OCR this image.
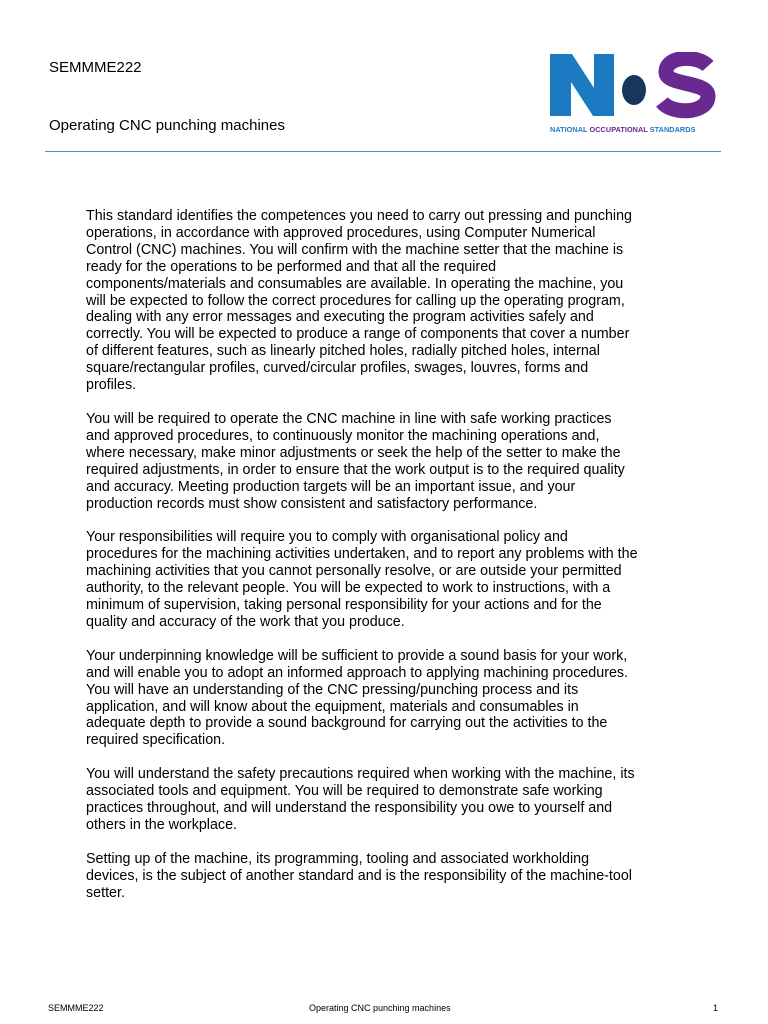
SEMMME222
Operating CNC punching machines	NATIONAL OCCUPATIONAL STANDARDS

This standard identifies the competences you need to carry out pressing and punching
operations, in accordance with approved procedures, using Computer Numerical
Control (CNC) machines. You will confirm with the machine setter that the machine is
ready for the operations to be performed and that all the required
components/materials and consumables are available. In operating the machine, you
will be expected to follow the correct procedures for calling up the operating program,
dealing with any error messages and executing the program activities safely and
correctly. You will be expected to produce a range of components that cover a number
of different features, such as linearly pitched holes, radially pitched holes, internal
square/rectangular profiles, curved/circular profiles, swages, louvres, forms and
profiles.

You will be required to operate the CNC machine in line with safe working practices
and approved procedures, to continuously monitor the machining operations and,
where necessary, make minor adjustments or seek the help of the setter to make the
required adjustments, in order to ensure that the work output is to the required quality
and accuracy. Meeting production targets will be an important issue, and your
production records must show consistent and satisfactory performance.

Your responsibilities will require you to comply with organisational policy and
procedures for the machining activities undertaken, and to report any problems with the
machining activities that you cannot personally resolve, or are outside your permitted
authority, to the relevant people. You will be expected to work to instructions, with a
minimum of supervision, taking personal responsibility for your actions and for the
quality and accuracy of the work that you produce.

Your underpinning knowledge will be sufficient to provide a sound basis for your work,
and will enable you to adopt an informed approach to applying machining procedures.
You will have an understanding of the CNC pressing/punching process and its
application, and will know about the equipment, materials and consumables in
adequate depth to provide a sound background for carrying out the activities to the
required specification.

You will understand the safety precautions required when working with the machine, its
associated tools and equipment. You will be required to demonstrate safe working
practices throughout, and will understand the responsibility you owe to yourself and
others in the workplace.

Setting up of the machine, its programming, tooling and associated workholding
devices, is the subject of another standard and is the responsibility of the machine-tool
setter.

SEMMME222	Operating CNC punching machines	1
